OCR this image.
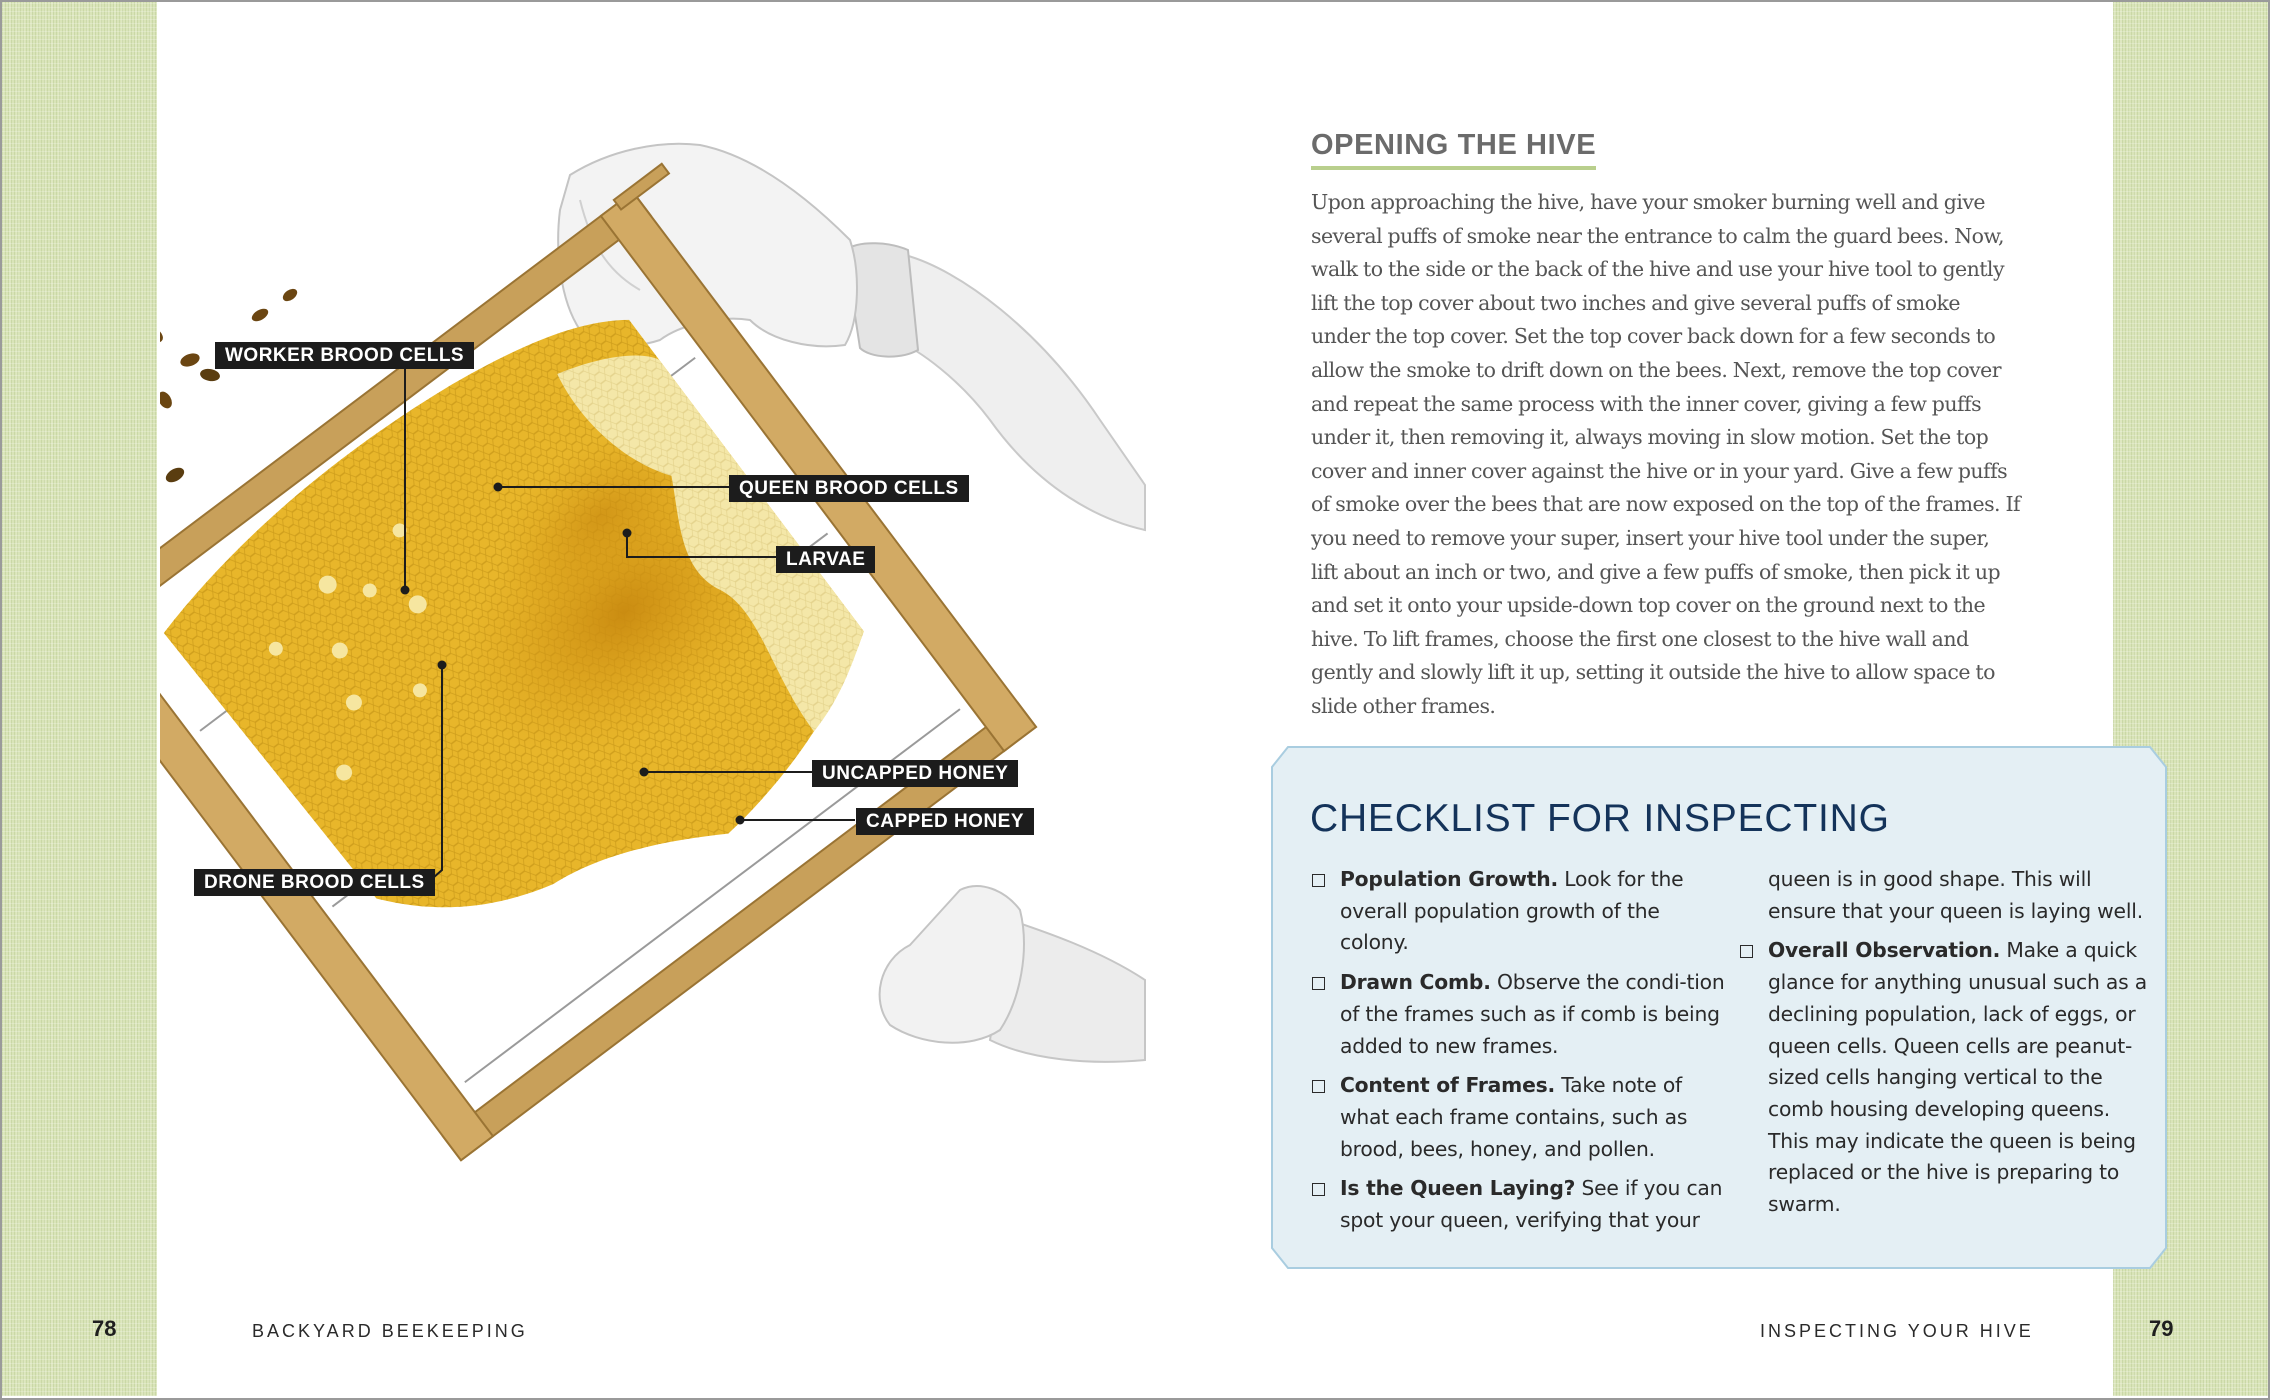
WORKER BROOD CELLS
QUEEN BROOD CELLS
LARVAE
UNCAPPED HONEY
CAPPED HONEY
DRONE BROOD CELLS
OPENING THE HIVE

Upon approaching the hive, have your smoker burning well and give several puffs of smoke near the entrance to calm the guard bees. Now, walk to the side or the back of the hive and use your hive tool to gently lift the top cover about two inches and give several puffs of smoke under the top cover. Set the top cover back down for a few seconds to allow the smoke to drift down on the bees. Next, remove the top cover and repeat the same process with the inner cover, giving a few puffs under it, then removing it, always moving in slow motion. Set the top cover and inner cover against the hive or in your yard. Give a few puffs of smoke over the bees that are now exposed on the top of the frames. If you need to remove your super, insert your hive tool under the super, lift about an inch or two, and give a few puffs of smoke, then pick it up and set it onto your upside-down top cover on the ground next to the hive. To lift frames, choose the first one closest to the hive wall and gently and slowly lift it up, setting it outside the hive to allow space to slide other frames.

CHECKLIST FOR INSPECTING
Population Growth. Look for the overall population growth of the colony.
Drawn Comb. Observe the condi-tion of the frames such as if comb is being added to new frames.
Content of Frames. Take note of what each frame contains, such as brood, bees, honey, and pollen.
Is the Queen Laying? See if you can spot your queen, verifying that your

queen is in good shape. This will ensure that your queen is laying well.

Overall Observation. Make a quick glance for anything unusual such as a declining population, lack of eggs, or queen cells. Queen cells are peanut-sized cells hanging vertical to the comb housing developing queens. This may indicate the queen is being replaced or the hive is preparing to swarm.
78	BACKYARD BEEKEEPING	INSPECTING YOUR HIVE	79
